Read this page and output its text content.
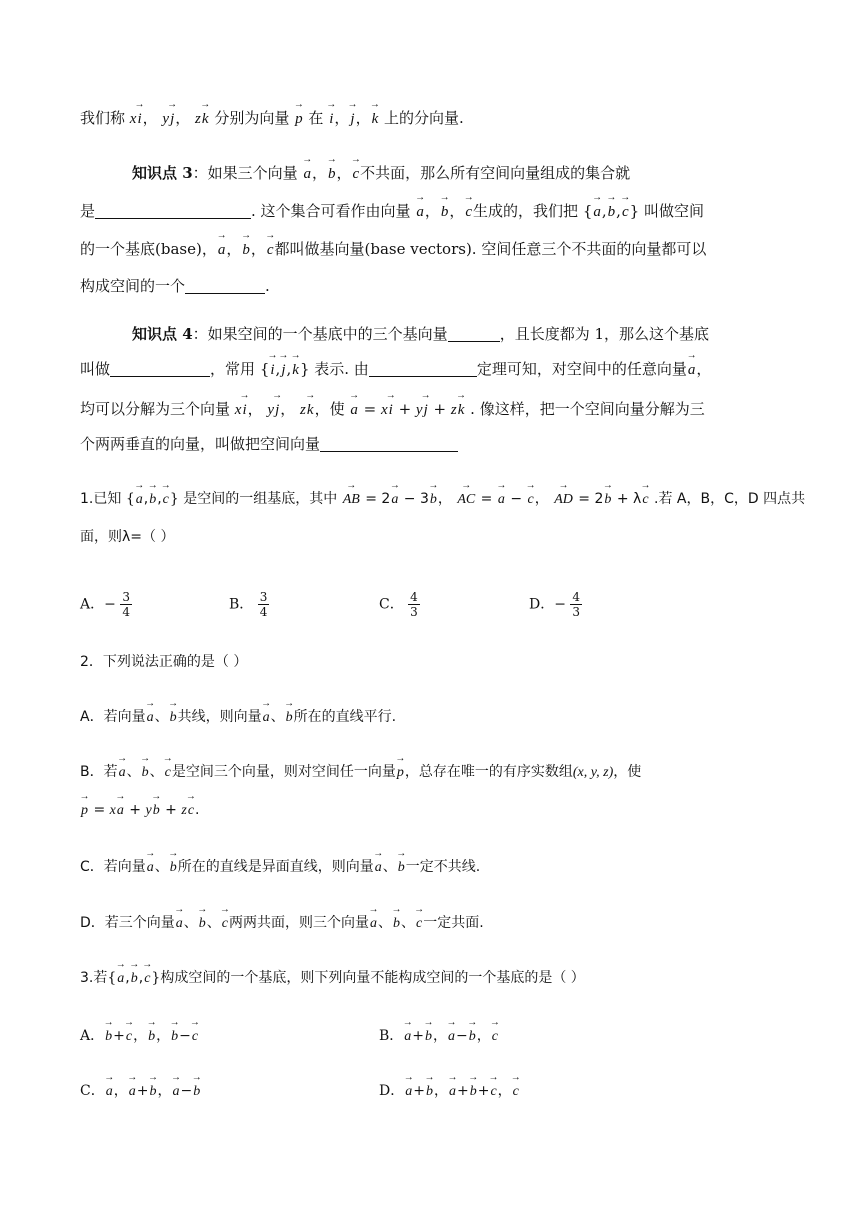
我们称 x→ i， y→ j， z→ k 分别为向量 → p 在 → i，→ j，→ k 上的分向量.
知识点 3：如果三个向量 → a，→ b，→ c不共面，那么所有空间向量组成的集合就
是	. 这个集合可看作由向量 → a，→ b，→ c生成的，我们把 {→ a,→ b,→ c} 叫做空间
的一个基底(base)，→ a，→ b，→ c都叫做基向量(base vectors). 空间任意三个不共面的向量都可以
构成空间的一个	.
知识点 4：如果空间的一个基底中的三个基向量	，且长度都为 1，那么这个基底
叫做	，常用 {→ i,→ j,→ k} 表示. 由	定理可知，对空间中的任意向量→ a，
均可以分解为三个向量 x→ i， y→ j， z→ k，使 → a = x→ i + y→ j + z→ k . 像这样，把一个空间向量分解为三
个两两垂直的向量，叫做把空间向量
1.已知 {→ a,→ b,→ c} 是空间的一组基底，其中 → AB = 2→ a − 3→ b， → AC = → a − → c， → AD = 2→ b + λ→ c .若 A，B，C，D 四点共
面，则λ=（ ）
A．− $\frac{3}{4}$	B． $\frac{3}{4}$	C． $\frac{4}{3}$	D．− $\frac{4}{3}$
2．下列说法正确的是（ ）
A．若向量→ a、→ b共线，则向量→ a、→ b所在的直线平行.
B．若→ a、→ b、→ c是空间三个向量，则对空间任一向量→ p，总存在唯一的有序实数组(x, y, z)，使
→ p = x→ a + y→ b + z→ c.
C．若向量→ a、→ b所在的直线是异面直线，则向量→ a、→ b一定不共线.
D．若三个向量→ a、→ b、→ c两两共面，则三个向量→ a、→ b、→ c一定共面.
3.若{→ a,→ b,→ c}构成空间的一个基底，则下列向量不能构成空间的一个基底的是（ ）
A．→ b+→ c，→ b，→ b−→ c	B．→ a+→ b，→ a−→ b，→ c
C．→ a，→ a+→ b，→ a−→ b	D．→ a+→ b，→ a+→ b+→ c，→ c
